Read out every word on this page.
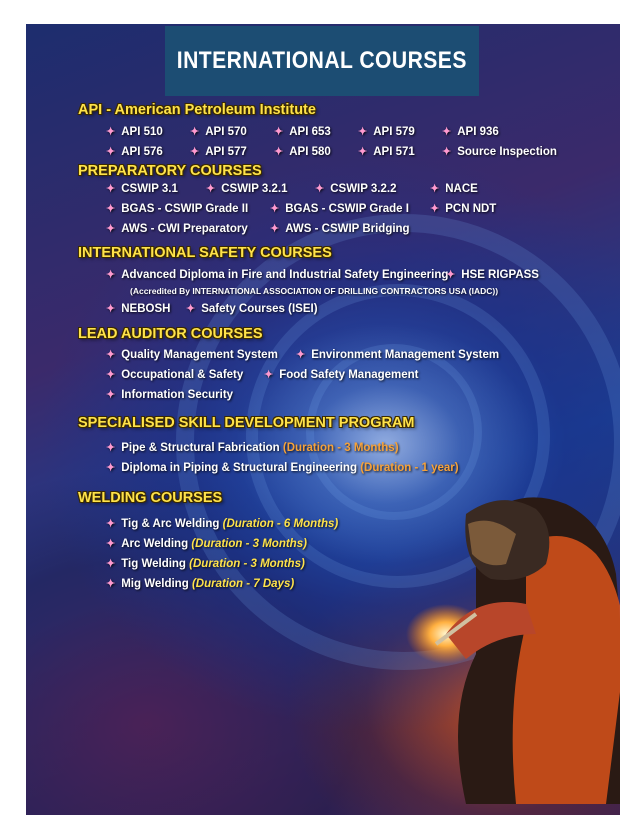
INTERNATIONAL COURSES
API - American Petroleum Institute
✦ API 510 ✦ API 570 ✦ API 653 ✦ API 579 ✦ API 936
✦ API 576 ✦ API 577 ✦ API 580 ✦ API 571 ✦ Source Inspection
PREPARATORY COURSES
✦ CSWIP 3.1	✦ CSWIP 3.2.1	✦ CSWIP 3.2.2	✦ NACE
✦ BGAS - CSWIP Grade II ✦ BGAS - CSWIP Grade I ✦ PCN NDT
✦ AWS - CWI Preparatory ✦ AWS - CSWIP Bridging
INTERNATIONAL SAFETY COURSES
✦ Advanced Diploma in Fire and Industrial Safety Engineering
✦ HSE RIGPASS
(Accredited By INTERNATIONAL ASSOCIATION OF DRILLING CONTRACTORS USA (IADC))
✦ NEBOSH ✦ Safety Courses (ISEI)
LEAD AUDITOR COURSES
✦ Quality Management System ✦ Environment Management System
✦ Occupational & Safety ✦ Food Safety Management
✦ Information Security
SPECIALISED SKILL DEVELOPMENT PROGRAM
✦ Pipe & Structural Fabrication (Duration - 3 Months)
✦ Diploma in Piping & Structural Engineering (Duration - 1 year)
WELDING COURSES
✦ Tig & Arc Welding (Duration - 6 Months)
✦ Arc Welding (Duration - 3 Months)
✦ Tig Welding (Duration - 3 Months)
✦ Mig Welding (Duration - 7 Days)
